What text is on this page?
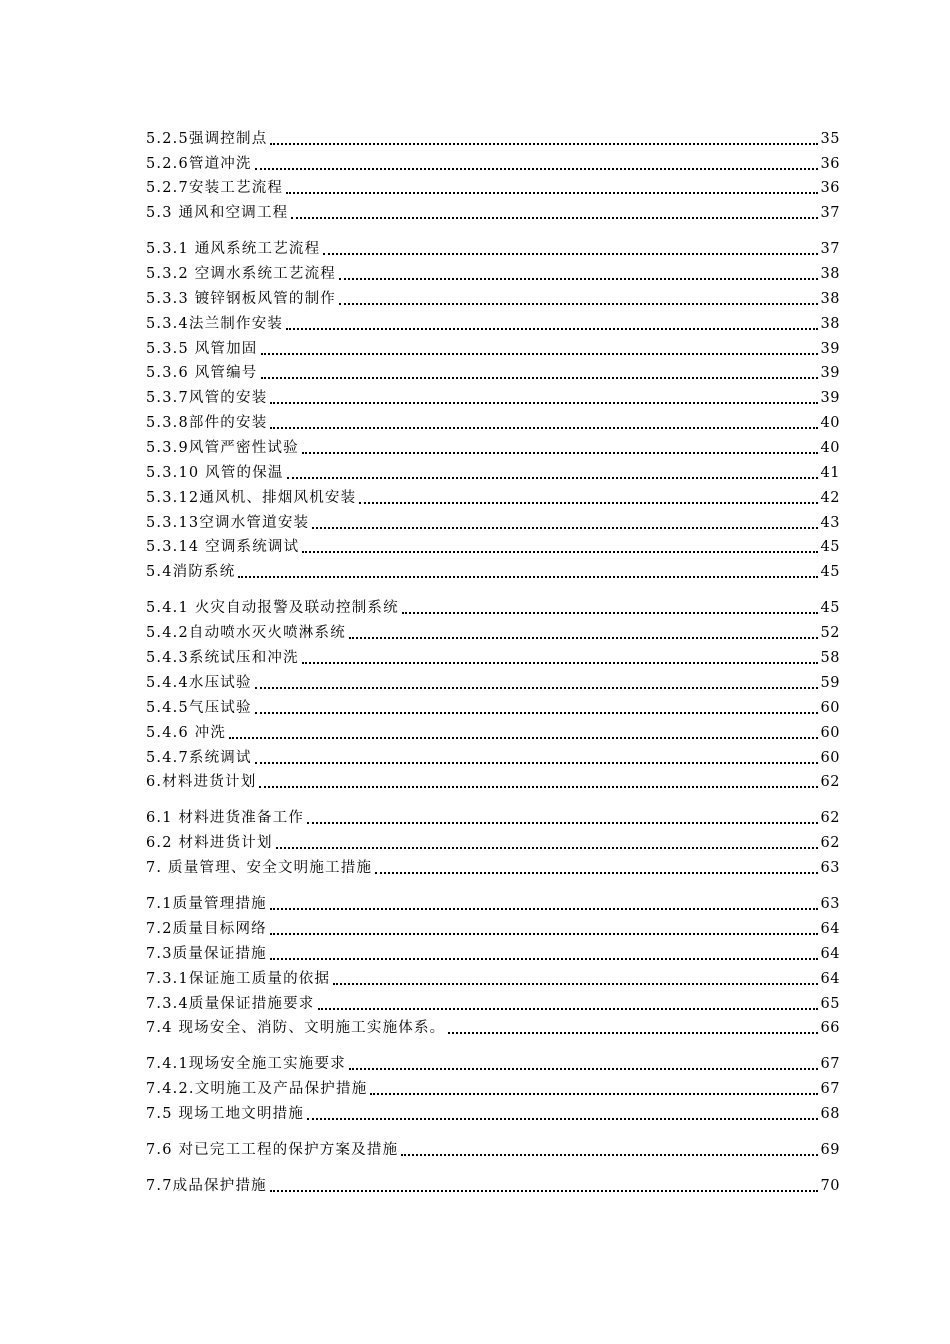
5.2.5强调控制点	35
5.2.6管道冲洗	36
5.2.7安装工艺流程	36
5.3 通风和空调工程	37
5.3.1 通风系统工艺流程	37
5.3.2 空调水系统工艺流程	38
5.3.3 镀锌钢板风管的制作	38
5.3.4法兰制作安装	38
5.3.5 风管加固	39
5.3.6 风管编号	39
5.3.7风管的安装	39
5.3.8部件的安装	40
5.3.9风管严密性试验	40
5.3.10 风管的保温	41
5.3.12通风机、排烟风机安装	42
5.3.13空调水管道安装	43
5.3.14 空调系统调试	45
5.4消防系统	45
5.4.1 火灾自动报警及联动控制系统	45
5.4.2自动喷水灭火喷淋系统	52
5.4.3系统试压和冲洗	58
5.4.4水压试验	59
5.4.5气压试验	60
5.4.6 冲洗	60
5.4.7系统调试	60
6.材料进货计划	62
6.1 材料进货准备工作	62
6.2 材料进货计划	62
7. 质量管理、安全文明施工措施	63
7.1质量管理措施	63
7.2质量目标网络	64
7.3质量保证措施	64
7.3.1保证施工质量的依据	64
7.3.4质量保证措施要求	65
7.4 现场安全、消防、文明施工实施体系。	66
7.4.1现场安全施工实施要求	67
7.4.2.文明施工及产品保护措施	67
7.5 现场工地文明措施	68
7.6 对已完工工程的保护方案及措施	69
7.7成品保护措施	70
